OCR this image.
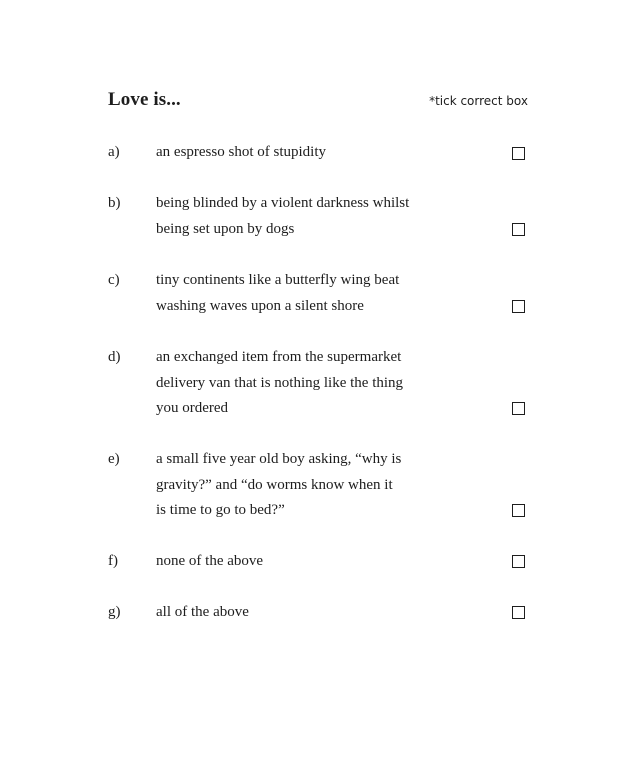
Love is...	*tick correct box
a) an espresso shot of stupidity
b) being blinded by a violent darkness whilst
being set upon by dogs
c) tiny continents like a butterfly wing beat
washing waves upon a silent shore
d) an exchanged item from the supermarket
delivery van that is nothing like the thing
you ordered
e) a small five year old boy asking, “why is
gravity?” and “do worms know when it
is time to go to bed?”
f)	none of the above
g) all of the above
